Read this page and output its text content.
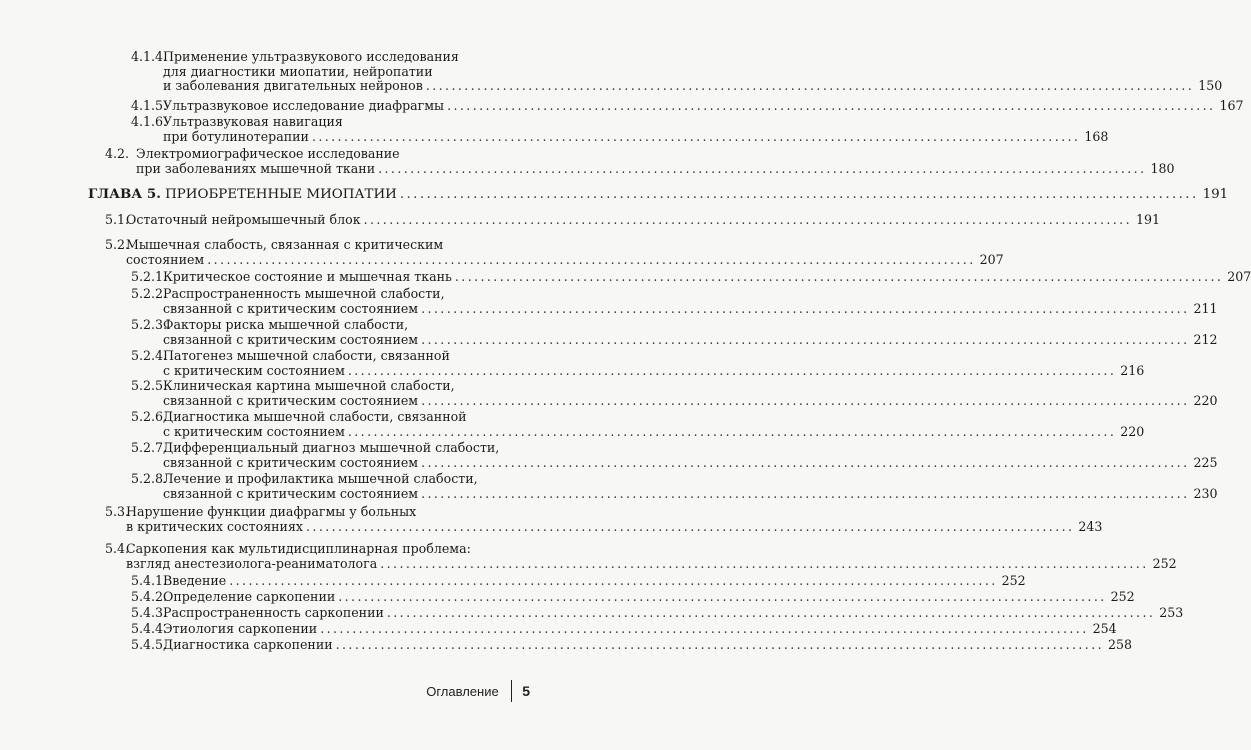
4.1.4.
Применение ультразвукового исследования
для диагностики миопатии, нейропатии
и заболевания двигательных нейронов ........................................................................................................................ 150
4.1.5.
Ультразвуковое исследование диафрагмы ........................................................................................................................ 167
4.1.6.
Ультразвуковая навигация
при ботулинотерапии ........................................................................................................................ 168
4.2. Электромиографическое исследование
при заболеваниях мышечной ткани ........................................................................................................................ 180
ГЛАВА 5.
ПРИОБРЕТЕННЫЕ МИОПАТИИ ........................................................................................................................ 191
5.1.
Остаточный нейромышечный блок ........................................................................................................................ 191
5.2.
Мышечная слабость, связанная с критическим
состоянием ........................................................................................................................ 207
5.2.1.
Критическое состояние и мышечная ткань ........................................................................................................................ 207
5.2.2.
Распространенность мышечной слабости,
связанной с критическим состоянием ........................................................................................................................ 211
5.2.3.
Факторы риска мышечной слабости,
связанной с критическим состоянием ........................................................................................................................ 212
5.2.4.
Патогенез мышечной слабости, связанной
с критическим состоянием ........................................................................................................................ 216
5.2.5.
Клиническая картина мышечной слабости,
связанной с критическим состоянием ........................................................................................................................ 220
5.2.6.
Диагностика мышечной слабости, связанной
с критическим состоянием ........................................................................................................................ 220
5.2.7.
Дифференциальный диагноз мышечной слабости,
связанной с критическим состоянием ........................................................................................................................ 225
5.2.8.
Лечение и профилактика мышечной слабости,
связанной с критическим состоянием ........................................................................................................................ 230
5.3.
Нарушение функции диафрагмы у больных
в критических состояниях ........................................................................................................................ 243
5.4.
Саркопения как мультидисциплинарная проблема:
взгляд анестезиолога-реаниматолога ........................................................................................................................ 252
5.4.1.
Введение ........................................................................................................................ 252
5.4.2.
Определение саркопении ........................................................................................................................ 252
5.4.3.
Распространенность саркопении ........................................................................................................................ 253
5.4.4.
Этиология саркопении ........................................................................................................................ 254
5.4.5.
Диагностика саркопении ........................................................................................................................ 258
Оглавление 5
